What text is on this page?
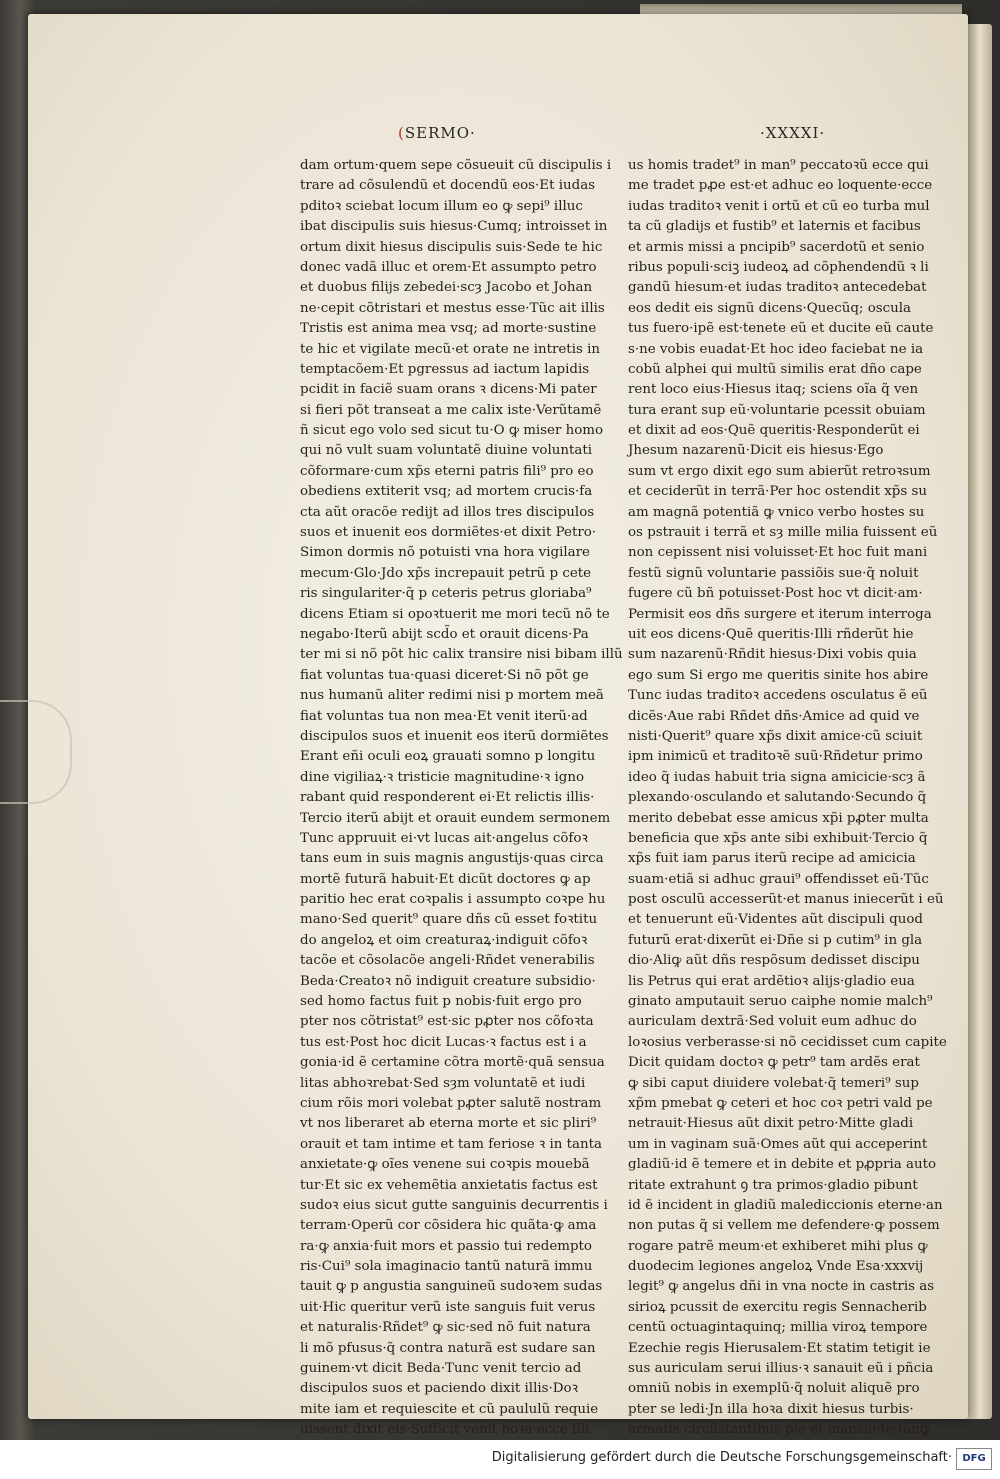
(SERMO·	·XXXXI·
dam ortum·quem sepe cõsueuit cũ discipulis i
trare ad cõsulendũ et docendũ eos·Et iudas
pditoꝛ sciebat locum illum eo ꝙ sepi⁹ illuc
ibat discipulis suis hiesus·Cumq; introisset in
ortum dixit hiesus discipulis suis·Sede te hic
donec vadã illuc et orem·Et assumpto petro
et duobus filijs zebedei·scȝ Jacobo et Johan
ne·cepit cõtristari et mestus esse·Tũc ait illis
Tristis est anima mea vsq; ad morte·sustine
te hic et vigilate mecũ·et orate ne intretis in
temptacõem·Et pgressus ad iactum lapidis
pcidit in faciẽ suam orans ꝛ dicens·Mi pater
si fieri põt transeat a me calix iste·Verũtamẽ
ñ sicut ego volo sed sicut tu·O ꝙ miser homo
qui nõ vult suam voluntatẽ diuine voluntati
cõformare·cum xp̃s eterni patris fili⁹ pro eo
obediens extiterit vsq; ad mortem crucis·fa
cta aũt oracõe redijt ad illos tres discipulos
suos et inuenit eos dormiẽtes·et dixit Petro·
Simon dormis nõ potuisti vna hora vigilare
mecum·Glo·Jdo xp̃s increpauit petrũ p cete
ris singulariter·q̃ p ceteris petrus gloriaba⁹
dicens Etiam si opoꝛtuerit me mori tecũ nõ te
negabo·Iterũ abijt scd̃o et orauit dicens·Pa
ter mi si nõ põt hic calix transire nisi bibam illũ
fiat voluntas tua·quasi diceret·Si nõ põt ge
nus humanũ aliter redimi nisi p mortem meã
fiat voluntas tua non mea·Et venit iterũ·ad
discipulos suos et inuenit eos iterũ dormiẽtes
Erant eñi oculi eoꝝ grauati somno p longitu
dine vigiliaꝝ·ꝛ tristicie magnitudine·ꝛ igno
rabant quid responderent ei·Et relictis illis·
Tercio iterũ abijt et orauit eundem sermonem
Tunc appruuit ei·vt lucas ait·angelus cõfoꝛ
tans eum in suis magnis angustijs·quas circa
mortẽ futurã habuit·Et dicũt doctores ꝙ ap
paritio hec erat coꝛpalis i assumpto coꝛpe hu
mano·Sed querit⁹ quare dñs cũ esset foꝛtitu
do angeloꝝ et oim creaturaꝝ·indiguit cõfoꝛ
tacõe et cõsolacõe angeli·Rñdet venerabilis
Beda·Creatoꝛ nõ indiguit creature subsidio·
sed homo factus fuit p nobis·fuit ergo pro
pter nos cõtristat⁹ est·sic pꝓter nos cõfoꝛta
tus est·Post hoc dicit Lucas·ꝛ factus est i a
gonia·id ẽ certamine cõtra mortẽ·quã sensua
litas abhoꝛrebat·Sed sȝm voluntatẽ et iudi
cium rõis mori volebat pꝓter salutẽ nostram
vt nos liberaret ab eterna morte et sic pliri⁹
orauit et tam intime et tam feriose ꝛ in tanta
anxietate·ꝙ oĩes venene sui coꝛpis mouebã
tur·Et sic ex vehemẽtia anxietatis factus est
sudoꝛ eius sicut gutte sanguinis decurrentis i
terram·Operũ cor cõsidera hic quãta·ꝙ ama
ra·ꝙ anxia·fuit mors et passio tui redempto
ris·Cui⁹ sola imaginacio tantũ naturã immu
tauit ꝙ p angustia sanguineũ sudoꝛem sudas
uit·Hic queritur verũ iste sanguis fuit verus
et naturalis·Rñdet⁹ ꝙ sic·sed nõ fuit natura
li mõ pfusus·q̃ contra naturã est sudare san
guinem·vt dicit Beda·Tunc venit tercio ad
discipulos suos et paciendo dixit illis·Doꝛ
mite iam et requiescite et cũ paululũ requie
uissent dixit eis·Sufficit venit hoꝛa·ecce fili
us homis tradet⁹ in man⁹ peccatoꝛũ ecce qui
me tradet pꝓe est·et adhuc eo loquente·ecce
iudas traditoꝛ venit i ortũ et cũ eo turba mul
ta cũ gladijs et fustib⁹ et laternis et facibus
et armis missi a pncipib⁹ sacerdotũ et senio
ribus populi·sciꝫ iudeoꝝ ad cõphendendũ ꝛ li
gandũ hiesum·et iudas traditoꝛ antecedebat
eos dedit eis signũ dicens·Quecũq; oscula
tus fuero·ipẽ est·tenete eũ et ducite eũ caute
s·ne vobis euadat·Et hoc ideo faciebat ne ia
cobũ alphei qui multũ similis erat dño cape
rent loco eius·Hiesus itaq; sciens oĩa q̃ ven
tura erant sup eũ·voluntarie pcessit obuiam
et dixit ad eos·Quẽ queritis·Responderũt ei
Jhesum nazarenũ·Dicit eis hiesus·Ego
sum vt ergo dixit ego sum abierũt retroꝛsum
et ceciderũt in terrã·Per hoc ostendit xp̃s su
am magnã potentiã ꝙ vnico verbo hostes su
os pstrauit i terrã et sȝ mille milia fuissent eũ
non cepissent nisi voluisset·Et hoc fuit mani
festũ signũ voluntarie passiõis sue·q̃ noluit
fugere cũ bñ potuisset·Post hoc vt dicit·am·
Permisit eos dñs surgere et iterum interroga
uit eos dicens·Quẽ queritis·Illi rñderũt hie
sum nazarenũ·Rñdit hiesus·Dixi vobis quia
ego sum Si ergo me queritis sinite hos abire
Tunc iudas traditoꝛ accedens osculatus ẽ eũ
dicẽs·Aue rabi Rñdet dñs·Amice ad quid ve
nisti·Querit⁹ quare xp̃s dixit amice·cũ sciuit
ipm inimicũ et traditoꝛẽ suũ·Rñdetur primo
ideo q̃ iudas habuit tria signa amicicie·scȝ ã
plexando·osculando et salutando·Secundo q̃
merito debebat esse amicus xp̃i pꝓter multa
beneficia que xp̃s ante sibi exhibuit·Tercio q̃
xp̃s fuit iam parus iterũ recipe ad amicicia
suam·etiã si adhuc graui⁹ offendisset eũ·Tũc
post osculũ accesserũt·et manus iniecerũt i eũ
et tenuerunt eũ·Videntes aũt discipuli quod
futurũ erat·dixerũt ei·Dñe si p cutim⁹ in gla
dio·Aliꝙ aũt dñs respõsum dedisset discipu
lis Petrus qui erat ardẽtioꝛ alijs·gladio eua
ginato amputauit seruo caiphe nomie malch⁹
auriculam dextrã·Sed voluit eum adhuc do
loꝛosius verberasse·si nõ cecidisset cum capite
Dicit quidam doctoꝛ ꝙ petr⁹ tam ardẽs erat
ꝙ sibi caput diuidere volebat·q̃ temeri⁹ sup
xp̃m pmebat ꝙ ceteri et hoc coꝛ petri vald pe
netrauit·Hiesus aũt dixit petro·Mitte gladi
um in vaginam suã·Omes aũt qui acceperint
gladiũ·id ẽ temere et in debite et pꝓpria auto
ritate extrahunt ꝯ tra primos·gladio pibunt
id ẽ incident in gladiũ malediccionis eterne·an
non putas q̃ si vellem me defendere·ꝙ possem
rogare patrẽ meum·et exhiberet mihi plus ꝙ
duodecim legiones angeloꝝ Vnde Esa·xxxvij
legit⁹ ꝙ angelus dñi in vna nocte in castris as
sirioꝝ pcussit de exercitu regis Sennacherib
centũ octuagintaquinq; millia viroꝝ tempore
Ezechie regis Hierusalem·Et statim tetigit ie
sus auriculam serui illius·ꝛ sanauit eũ i pñcia
omniũ nobis in exemplũ·q̃ noluit aliquẽ pro
pter se ledi·Jn illa hoꝛa dixit hiesus turbis·
armatis circũstantibus pie et mansuete·tanꝙ
Digitalisierung gefördert durch die Deutsche Forschungsgemeinschaft·	DFG
